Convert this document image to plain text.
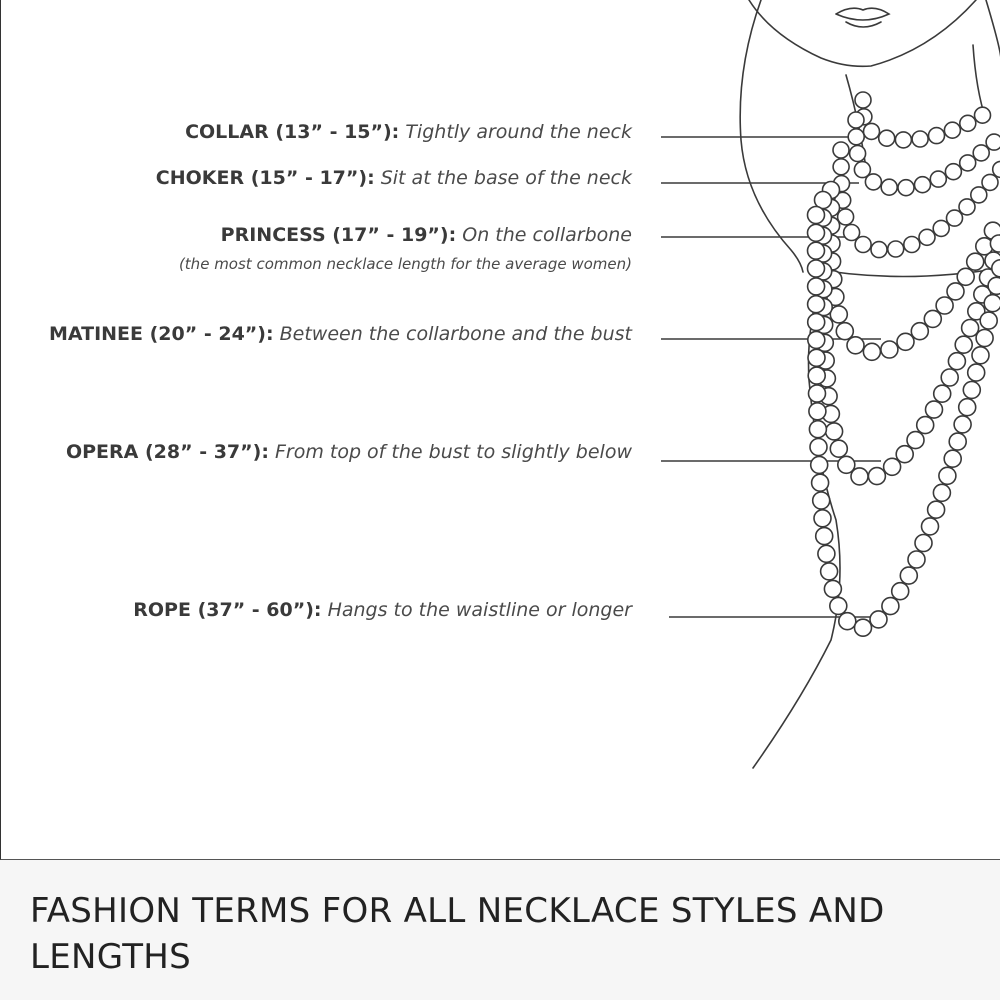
COLLAR (13” - 15”): Tightly around the neck
CHOKER (15” - 17”): Sit at the base of the neck
PRINCESS (17” - 19”): On the collarbone
(the most common necklace length for the average women)
MATINEE (20” - 24”): Between the collarbone and the bust
OPERA (28” - 37”): From top of the bust to slightly below
ROPE (37” - 60”): Hangs to the waistline or longer
FASHION TERMS FOR ALL NECKLACE STYLES AND LENGTHS
